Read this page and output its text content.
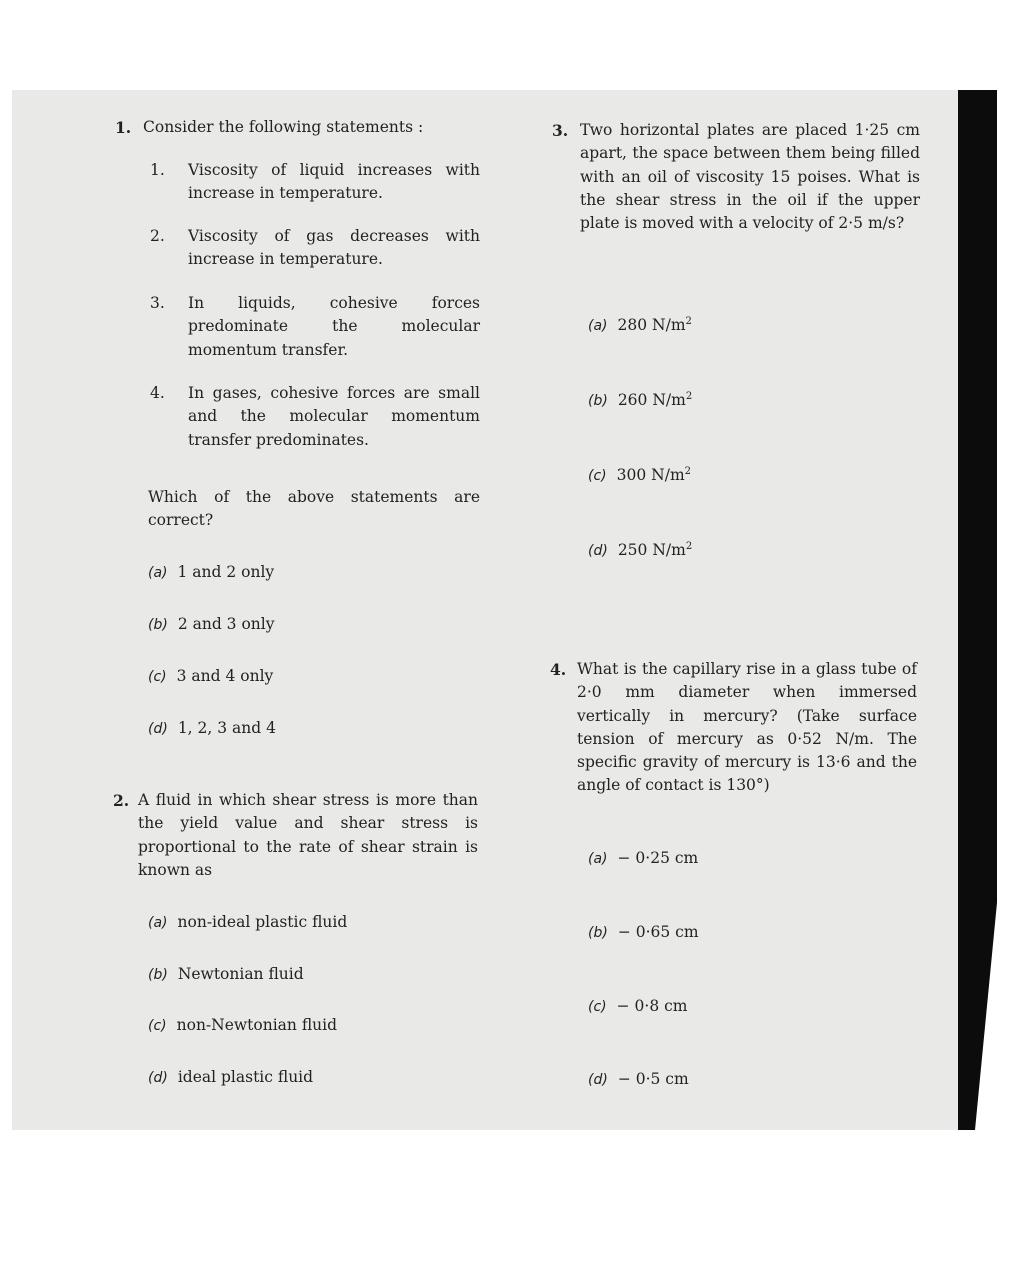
1. Consider the following statements :
1. Viscosity of liquid increases with increase in temperature.
2. Viscosity of gas decreases with increase in temperature.
3. In liquids, cohesive forces predominate the molecular momentum transfer.
4. In gases, cohesive forces are small and the molecular momentum transfer predominates.
Which of the above statements are correct?
(a) 1 and 2 only
(b) 2 and 3 only
(c) 3 and 4 only
(d) 1, 2, 3 and 4
2. A fluid in which shear stress is more than the yield value and shear stress is proportional to the rate of shear strain is known as
(a) non-ideal plastic fluid
(b) Newtonian fluid
(c) non-Newtonian fluid
(d) ideal plastic fluid
3. Two horizontal plates are placed 1·25 cm apart, the space between them being filled with an oil of viscosity 15 poises. What is the shear stress in the oil if the upper plate is moved with a velocity of 2·5 m/s?
(a) 280 $N/m^2$
(b) 260 $N/m^2$
(c) 300 $N/m^2$
(d) 250 $N/m^2$
4. What is the capillary rise in a glass tube of 2·0 mm diameter when immersed vertically in mercury? (Take surface tension of mercury as 0·52 N/m. The specific gravity of mercury is 13·6 and the angle of contact is 130°)
(a) − 0·25 cm
(b) − 0·65 cm
(c) − 0·8 cm
(d) − 0·5 cm
